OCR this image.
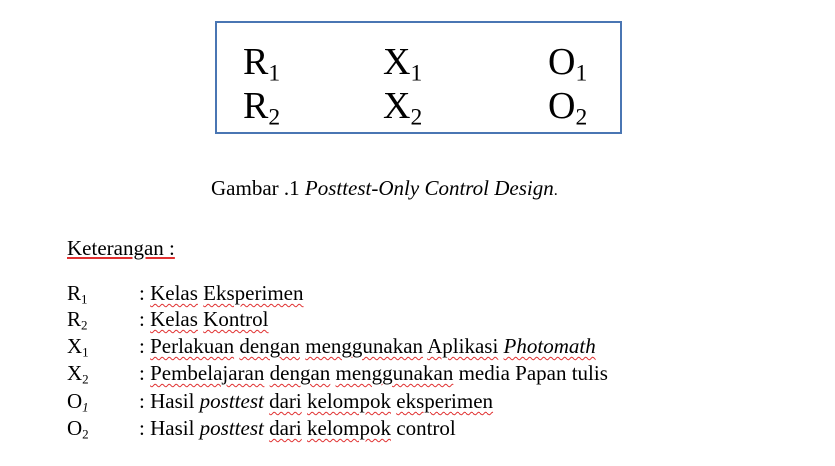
$R_1$	$X_1$	$O_1$
$R_2$	$X_2$	$O_2$
Gambar .1 Posttest-Only Control Design.
Keterangan :
$R_1$ : Kelas Eksperimen
$R_2$ : Kelas Kontrol
$X_1$ : Perlakuan dengan menggunakan Aplikasi Photomath
$X_2$ : Pembelajaran dengan menggunakan media Papan tulis
O1 : Hasil posttest dari kelompok eksperimen
$O_2$ : Hasil posttest dari kelompok control
